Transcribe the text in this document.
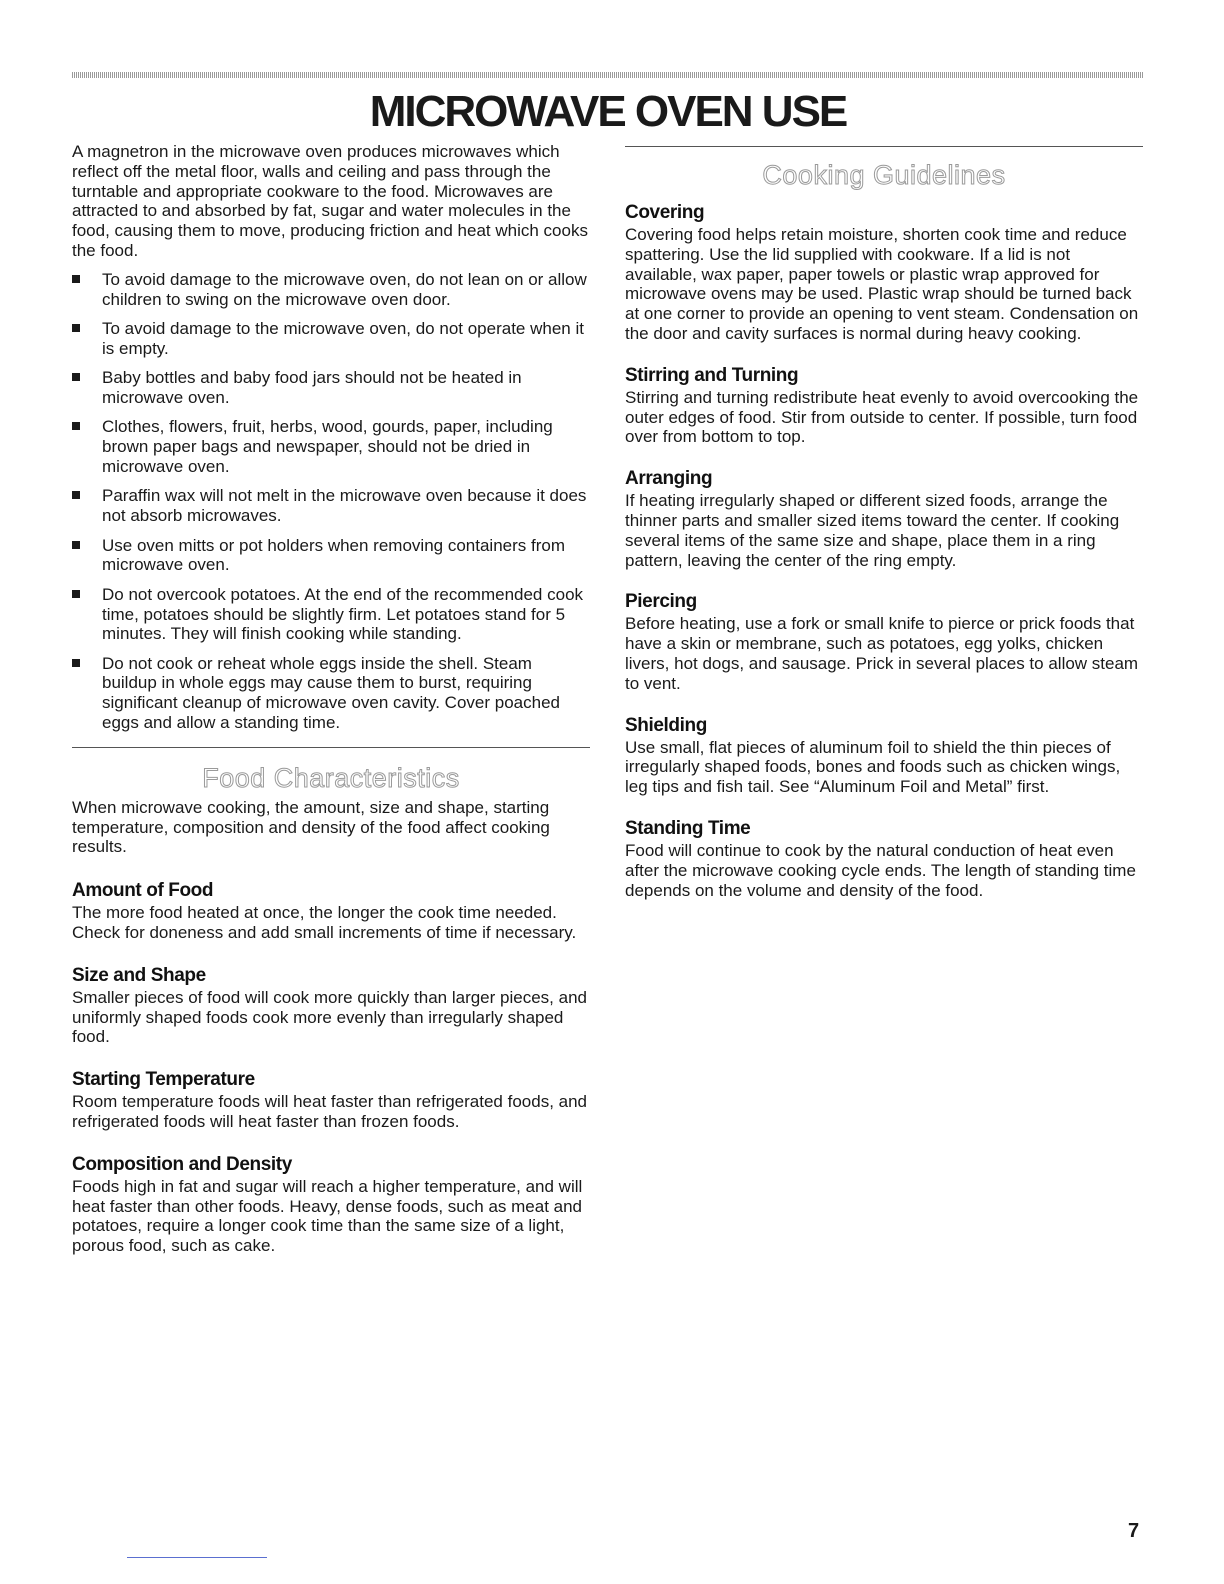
MICROWAVE OVEN USE

A magnetron in the microwave oven produces microwaves which reflect off the metal floor, walls and ceiling and pass through the turntable and appropriate cookware to the food. Microwaves are attracted to and absorbed by fat, sugar and water molecules in the food, causing them to move, producing friction and heat which cooks the food.

To avoid damage to the microwave oven, do not lean on or allow children to swing on the microwave oven door.

To avoid damage to the microwave oven, do not operate when it is empty.

Baby bottles and baby food jars should not be heated in microwave oven.

Clothes, flowers, fruit, herbs, wood, gourds, paper, including brown paper bags and newspaper, should not be dried in microwave oven.

Paraffin wax will not melt in the microwave oven because it does not absorb microwaves.

Use oven mitts or pot holders when removing containers from microwave oven.

Do not overcook potatoes. At the end of the recommended cook time, potatoes should be slightly firm. Let potatoes stand for 5 minutes. They will finish cooking while standing.

Do not cook or reheat whole eggs inside the shell. Steam buildup in whole eggs may cause them to burst, requiring significant cleanup of microwave oven cavity. Cover poached eggs and allow a standing time.

Food Characteristics

When microwave cooking, the amount, size and shape, starting temperature, composition and density of the food affect cooking results.

Amount of Food

The more food heated at once, the longer the cook time needed. Check for doneness and add small increments of time if necessary.

Size and Shape

Smaller pieces of food will cook more quickly than larger pieces, and uniformly shaped foods cook more evenly than irregularly shaped food.

Starting Temperature

Room temperature foods will heat faster than refrigerated foods, and refrigerated foods will heat faster than frozen foods.

Composition and Density

Foods high in fat and sugar will reach a higher temperature, and will heat faster than other foods. Heavy, dense foods, such as meat and potatoes, require a longer cook time than the same size of a light, porous food, such as cake.

Cooking Guidelines
Covering

Covering food helps retain moisture, shorten cook time and reduce spattering. Use the lid supplied with cookware. If a lid is not available, wax paper, paper towels or plastic wrap approved for microwave ovens may be used. Plastic wrap should be turned back at one corner to provide an opening to vent steam. Condensation on the door and cavity surfaces is normal during heavy cooking.

Stirring and Turning

Stirring and turning redistribute heat evenly to avoid overcooking the outer edges of food. Stir from outside to center. If possible, turn food over from bottom to top.

Arranging

If heating irregularly shaped or different sized foods, arrange the thinner parts and smaller sized items toward the center. If cooking several items of the same size and shape, place them in a ring pattern, leaving the center of the ring empty.

Piercing

Before heating, use a fork or small knife to pierce or prick foods that have a skin or membrane, such as potatoes, egg yolks, chicken livers, hot dogs, and sausage. Prick in several places to allow steam to vent.

Shielding

Use small, flat pieces of aluminum foil to shield the thin pieces of irregularly shaped foods, bones and foods such as chicken wings, leg tips and fish tail. See “Aluminum Foil and Metal” first.

Standing Time

Food will continue to cook by the natural conduction of heat even after the microwave cooking cycle ends. The length of standing time depends on the volume and density of the food.

7
